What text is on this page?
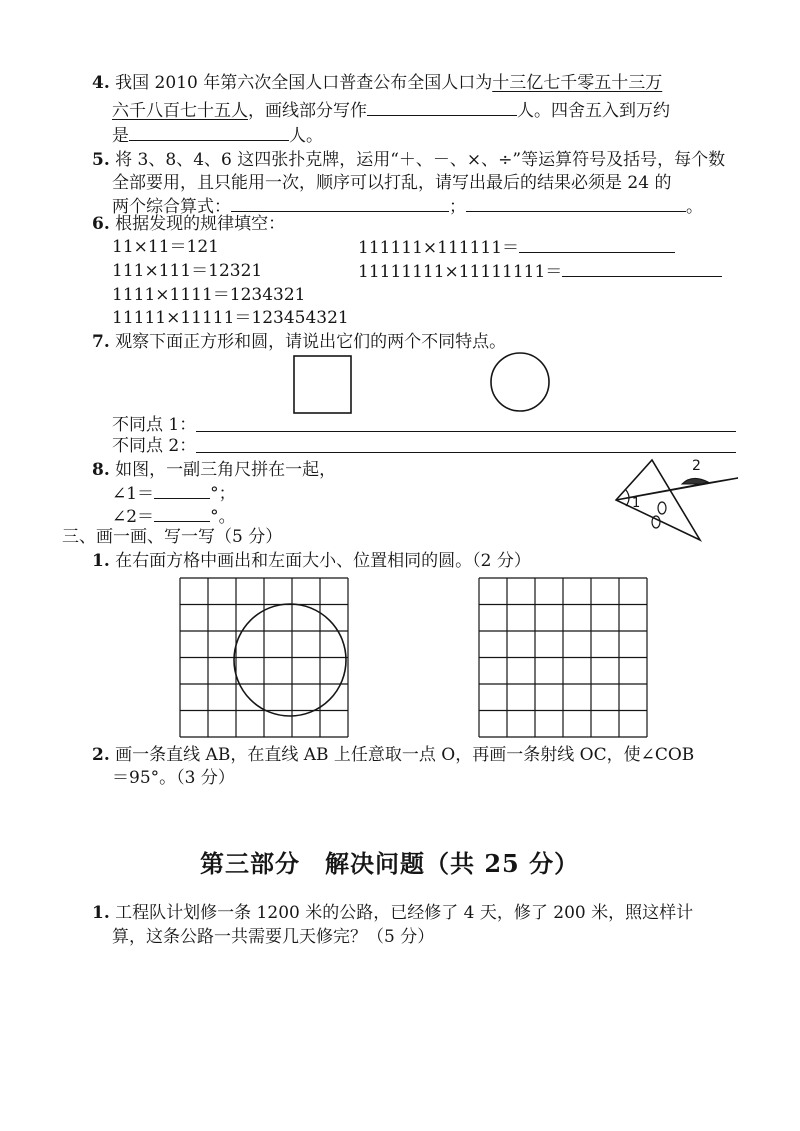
4. 我国 2010 年第六次全国人口普查公布全国人口为十三亿七千零五十三万
六千八百七十五人，画线部分写作	人。四舍五入到万约
是	人。
5. 将 3、8、4、6 这四张扑克牌，运用“＋、－、×、÷”等运算符号及括号，每个数
全部要用，且只能用一次，顺序可以打乱，请写出最后的结果必须是 24 的
两个综合算式：	；	。
6. 根据发现的规律填空：
11×11＝121
111×111＝12321
1111×1111＝1234321
11111×11111＝123454321
111111×111111＝
11111111×11111111＝
7. 观察下面正方形和圆，请说出它们的两个不同特点。
不同点 1：
不同点 2：
8. 如图，一副三角尺拼在一起，
∠1＝	°；
∠2＝	°。
1
2
三、画一画、写一写（5 分）
1. 在右面方格中画出和左面大小、位置相同的圆。（2 分）
2. 画一条直线 AB，在直线 AB 上任意取一点 O，再画一条射线 OC，使∠COB
＝95°。（3 分）
第三部分　解决问题（共 25 分）
1. 工程队计划修一条 1200 米的公路，已经修了 4 天，修了 200 米，照这样计
算，这条公路一共需要几天修完？（5 分）
